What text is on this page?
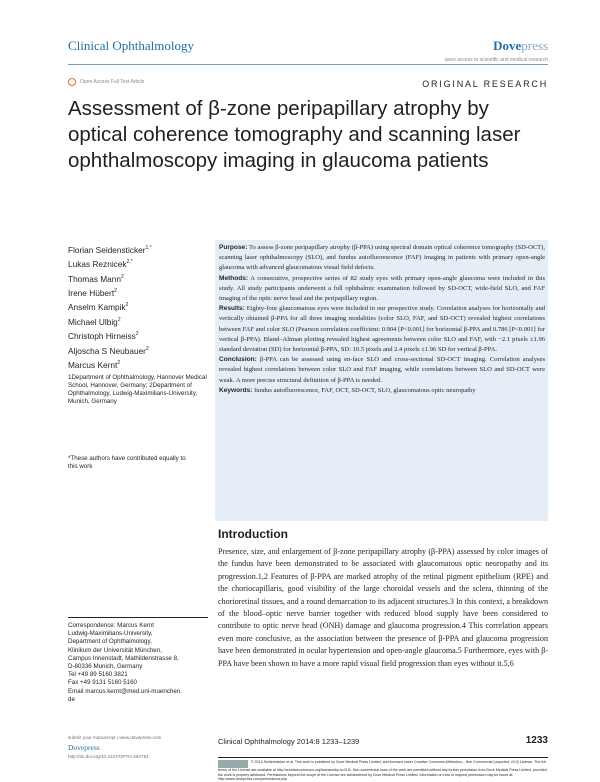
Clinical Ophthalmology	Dovepress
open access to scientific and medical research
Open Access Full Text Article	ORIGINAL RESEARCH
Assessment of β-zone peripapillary atrophy by optical coherence tomography and scanning laser ophthalmoscopy imaging in glaucoma patients
Florian Seidensticker$^{1,*}$
Lukas Reznicek$^{2,*}$
Thomas Mann$^2$
Irene Hübert$^2$
Anselm Kampik$^2$
Michael Ulbig$^2$
Christoph Hirneiss$^2$
Aljoscha S Neubauer$^2$
Marcus Kernt$^2$
1Department of Ophthalmology, Hannover Medical School, Hannover, Germany; 2Department of Ophthalmology, Ludwig-Maximilians-University, Munich, Germany
*These authors have contributed equally to this work
Correspondence: Marcus Kernt
Ludwig-Maximilians-University,
Department of Ophthalmology,
Klinikum der Universität München,
Campus Innenstadt, Mathildenstrasse 8,
D-80336 Munich, Germany
Tel +49 89 5160 3821
Fax +49 9131 5160 5160
Email marcus.kernt@med.uni-muenchen.
de

Purpose: To assess β-zone peripapillary atrophy (β-PPA) using spectral domain optical coherence tomography (SD-OCT), scanning laser ophthalmoscopy (SLO), and fundus autofluorescence (FAF) imaging in patients with primary open-angle glaucoma with advanced glaucomatous visual field defects.

Methods: A consecutive, prospective series of 82 study eyes with primary open-angle glaucoma were included in this study. All study participants underwent a full ophthalmic examination followed by SD-OCT, wide-field SLO, and FAF imaging of the optic nerve head and the peripapillary region.

Results: Eighty-four glaucomatous eyes were included in our prospective study. Correlation analyses for horizontally and vertically obtained β-PPA for all three imaging modalities (color SLO, FAF, and SD-OCT) revealed highest correlations between FAF and color SLO (Pearson correlation coefficient: 0.904 [P<0.001] for horizontal β-PPA and 0.786 [P<0.001] for vertical β-PPA). Bland–Altman plotting revealed highest agreements between color SLO and FAF, with −2.1 pixels ±1.96 standard deviation (SD) for horizontal β-PPA, SD: 10.5 pixels and 2.4 pixels ±1.96 SD for vertical β-PPA.

Conclusion: β-PPA can be assessed using en-face SLO and cross-sectional SD-OCT imaging. Correlation analyses revealed highest correlations between color SLO and FAF imaging, while correlations between SLO and SD-OCT were weak. A more precise structural definition of β-PPA is needed.

Keywords: fundus autofluorescence, FAF, OCT, SD-OCT, SLO, glaucomatous optic neuropathy

Introduction
Presence, size, and enlargement of β-zone peripapillary atrophy (β-PPA) assessed by color images of the fundus have been demonstrated to be associated with glaucomatous optic neuropathy and its progression.1,2 Features of β-PPA are marked atrophy of the retinal pigment epithelium (RPE) and the choriocapillaris, good visibility of the large choroidal vessels and the sclera, thinning of the chorioretinal tissues, and a round demarcation to its adjacent structures.3 In this context, a breakdown of the blood–optic nerve barrier together with reduced blood supply have been considered to contribute to optic nerve head (ONH) damage and glaucoma progression.4 This correlation appears even more conclusive, as the association between the presence of β-PPA and glaucoma progression have been demonstrated in ocular hypertension and open-angle glaucoma.5 Furthermore, eyes with β-PPA have been shown to have a more rapid visual field progression than eyes without it.5,6
submit your manuscript | www.dovepress.com
Dovepress
http://dx.doi.org/10.2147/OPTH.S62751
Clinical Ophthalmology 2014:8 1233–1239	1233
© 2014 Seidensticker et al. This work is published by Dove Medical Press Limited, and licensed under Creative Commons Attribution – Non Commercial (unported, v3.0) License. The full terms of the License are available at http://creativecommons.org/licenses/by-nc/3.0/. Non-commercial uses of the work are permitted without any further permission from Dove Medical Press Limited, provided the work is properly attributed. Permissions beyond the scope of the License are administered by Dove Medical Press Limited. Information on how to request permission may be found at: http://www.dovepress.com/permissions.php
